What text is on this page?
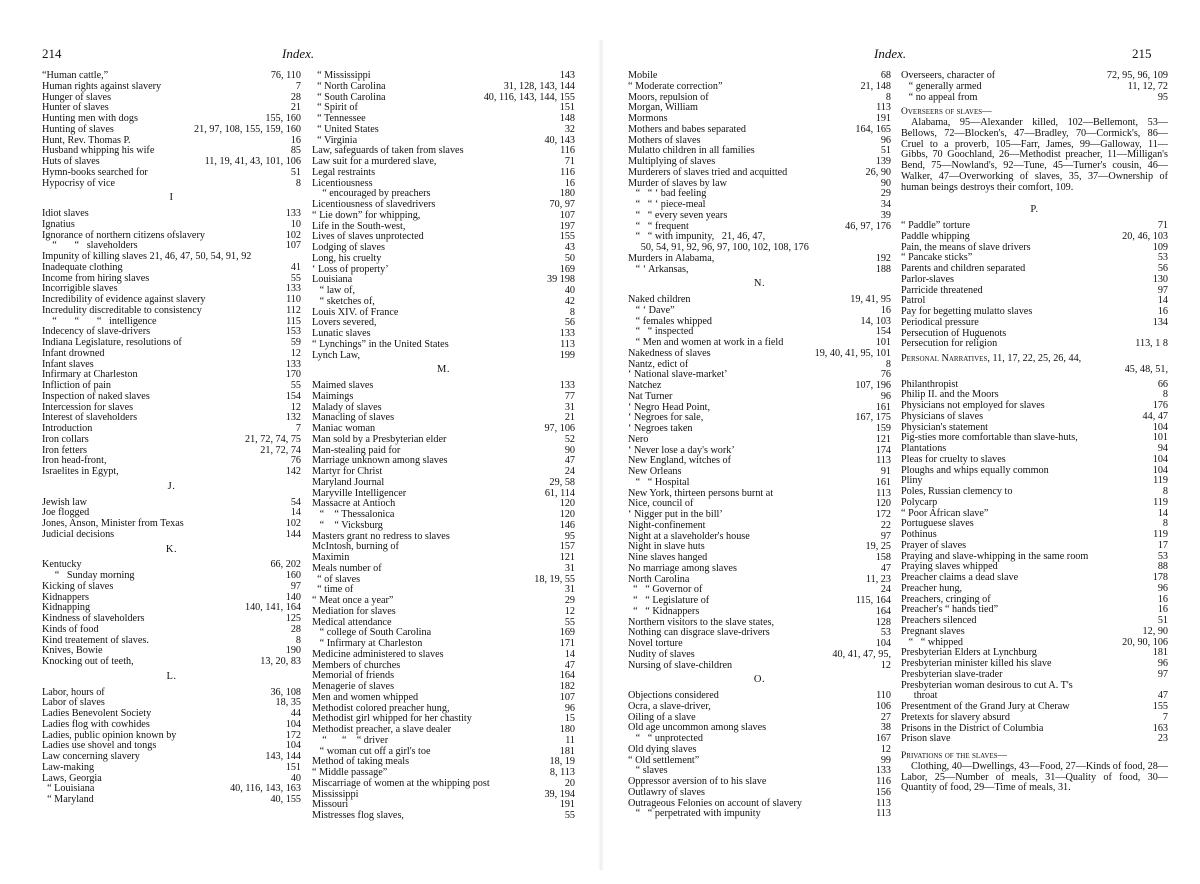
214	Index.
“Human cattle,”	76, 110
Human rights against slavery	7
Hunger of slaves	28
Hunter of slaves	21
Hunting men with dogs	155, 160
Hunting of slaves	21, 97, 108, 155, 159, 160
Hunt, Rev. Thomas P.	16
Husband whipping his wife	85
Huts of slaves	11, 19, 41, 43, 101, 106
Hymn-books searched for	51
Hypocrisy of vice	8
I
Idiot slaves	133
Ignatius	10
Ignorance of northern citizens ofslavery	102
“       “   slaveholders	107
Impunity of killing slaves 21, 46, 47, 50, 54, 91, 92
Inadequate clothing	41
Income from hiring slaves	55
Incorrigible slaves	133
Incredibility of evidence against slavery	110
Incredulity discreditable to consistency	112
“       “       “   intelligence	115
Indecency of slave-drivers	153
Indiana Legislature, resolutions of	59
Infant drowned	12
Infant slaves	133
Infirmary at Charleston	170
Infliction of pain	55
Inspection of naked slaves	154
Intercession for slaves	12
Interest of slaveholders	132
Introduction	7
Iron collars	21, 72, 74, 75
Iron fetters	21, 72, 74
Iron head-front,	76
Israelites in Egypt,	142
J.
Jewish law	54
Joe flogged	14
Jones, Anson, Minister from Texas	102
Judicial decisions	144
K.
Kentucky	66, 202
“   Sunday morning	160
Kicking of slaves	97
Kidnappers	140
Kidnapping	140, 141, 164
Kindness of slaveholders	125
Kinds of food	28
Kind treatement of slaves.	8
Knives, Bowie	190
Knocking out of teeth,	13, 20, 83
L.
Labor, hours of	36, 108
Labor of slaves	18, 35
Ladies Benevolent Society	44
Ladies flog with cowhides	104
Ladies, public opinion known by	172
Ladies use shovel and tongs	104
Law concerning slavery	143, 144
Law-making	151
Laws, Georgia	40
“ Louisiana	40, 116, 143, 163
“ Maryland	40, 155
“ Mississippi	143
“ North Carolina	31, 128, 143, 144
“ South Carolina	40, 116, 143, 144, 155
“ Spirit of	151
“ Tennessee	148
“ United States	32
“ Virginia	40, 143
Law, safeguards of taken from slaves	116
Law suit for a murdered slave,	71
Legal restraints	116
Licentiousness	16
“ encouraged by preachers	180
Licentiousness of slavedrivers	70, 97
“ Lie down” for whipping,	107
Life in the South-west,	197
Lives of slaves unprotected	155
Lodging of slaves	43
Long, his cruelty	50
‘ Loss of property’	169
Louisiana	39 198
“ law of,	40
“ sketches of,	42
Louis XIV. of France	8
Lovers severed,	56
Lunatic slaves	133
“ Lynchings” in the United States	113
Lynch Law,	199
M.
Maimed slaves	133
Maimings	77
Malady of slaves	31
Manacling of slaves	21
Maniac woman	97, 106
Man sold by a Presbyterian elder	52
Man-stealing paid for	90
Marriage unknown among slaves	47
Martyr for Christ	24
Maryland Journal	29, 58
Maryville Intelligencer	61, 114
Massacre at Antioch	120
“    “ Thessalonica	120
“    “ Vicksburg	146
Masters grant no redress to slaves	95
McIntosh, burning of	157
Maximin	121
Meals number of	31
“ of slaves	18, 19, 55
“ time of	31
“ Meat once a year”	29
Mediation for slaves	12
Medical attendance	55
“ college of South Carolina	169
“ Infirmary at Charleston	171
Medicine administered to slaves	14
Members of churches	47
Memorial of friends	164
Menagerie of slaves	182
Men and women whipped	107
Methodist colored preacher hung,	96
Methodist girl whipped for her chastity	15
Methodist preacher, a slave dealer	180
“      “    “ driver	11
“ woman cut off a girl's toe	181
Method of taking meals	18, 19
“ Middle passage”	8, 113
Miscarriage of women at the whipping post	20
Mississippi	39, 194
Missouri	191
Mistresses flog slaves,	55
Index.	215
Mobile	68
“ Moderate correction”	21, 148
Moors, repulsion of	8
Morgan, William	113
Mormons	191
Mothers and babes separated	164, 165
Mothers of slaves	96
Mulatto children in all families	51
Multiplying of slaves	139
Murderers of slaves tried and acquitted	26, 90
Murder of slaves by law	90
“   “ ‘ bad feeling	29
“   “ ‘ piece-meal	34
“   “ every seven years	39
“   “ frequent	46, 97, 176
“   “ with impunity,   21, 46, 47,
50, 54, 91, 92, 96, 97, 100, 102, 108, 176
Murders in Alabama,	192
“ ‘ Arkansas,	188
N.
Naked children	19, 41, 95
“ ‘ Dave”	16
“ females whipped	14, 103
“   “ inspected	154
“ Men and women at work in a field	101
Nakedness of slaves	19, 40, 41, 95, 101
Nantz, edict of	8
‘ National slave-market’	76
Natchez	107, 196
Nat Turner	96
‘ Negro Head Point,	161
‘ Negroes for sale,	167, 175
‘ Negroes taken	159
Nero	121
‘ Never lose a day's work’	174
New England, witches of	113
New Orleans	91
“   “ Hospital	161
New York, thirteen persons burnt at	113
Nice, council of	120
‘ Nigger put in the bill’	172
Night-confinement	22
Night at a slaveholder's house	97
Night in slave huts	19, 25
Nine slaves hanged	158
No marriage among slaves	47
North Carolina	11, 23
“   “ Governor of	24
“   “ Legislature of	115, 164
“   “ Kidnappers	164
Northern visitors to the slave states,	128
Nothing can disgrace slave-drivers	53
Novel torture	104
Nudity of slaves	40, 41, 47, 95,
Nursing of slave-children	12
O.
Objections considered	110
Ocra, a slave-driver,	106
Oiling of a slave	27
Old age uncommon among slaves	38
“   “ unprotected	167
Old dying slaves	12
“ Old settlement”	99
“ slaves	133
Oppressor aversion of to his slave	116
Outlawry of slaves	156
Outrageous Felonies on account of slavery	113
“   “ perpetrated with impunity	113
Overseers, character of	72, 95, 96, 109
“ generally armed	11, 12, 72
“ no appeal from	95
Overseers of slaves—
Alabama, 95—Alexander killed, 102—Bellemont, 53—Bellows, 72—Blocken's, 47—Bradley, 70—Cormick's, 86—Cruel to a proverb, 105—Farr, James, 99—Galloway, 11—Gibbs, 70 Goochland, 26—Methodist preacher, 11—Milligan's Bend, 75—Nowland's, 92—Tune, 45—Turner's cousin, 46—Walker, 47—Overworking of slaves, 35, 37—Ownership of human beings destroys their comfort, 109.
P.
“ Paddle” torture	71
Paddle whipping	20, 46, 103
Pain, the means of slave drivers	109
“ Pancake sticks”	53
Parents and children separated	56
Parlor-slaves	130
Parricide threatened	97
Patrol	14
Pay for begetting mulatto slaves	16
Periodical pressure	134
Persecution of Huguenots
Persecution for religion	113, 1 8
Personal Narratives, 11, 17, 22, 25, 26, 44,
45, 48, 51,
Philanthropist	66
Philip II. and the Moors	8
Physicians not employed for slaves	176
Physicians of slaves	44, 47
Physician's statement	104
Pig-sties more comfortable than slave-huts,	101
Plantations	94
Pleas for cruelty to slaves	104
Ploughs and whips equally common	104
Pliny	119
Poles, Russian clemency to	8
Polycarp	119
“ Poor African slave”	14
Portuguese slaves	8
Pothinus	119
Prayer of slaves	17
Praying and slave-whipping in the same room	53
Praying slaves whipped	88
Preacher claims a dead slave	178
Preacher hung,	96
Preachers, cringing of	16
Preacher's “ hands tied”	16
Preachers silenced	51
Pregnant slaves	12, 90
“   “ whipped	20, 90, 106
Presbyterian Elders at Lynchburg	181
Presbyterian minister killed his slave	96
Presbyterian slave-trader	97
Presbyterian woman desirous to cut A. T's
throat	47
Presentment of the Grand Jury at Cheraw	155
Pretexts for slavery absurd	7
Prisons in the District of Columbia	163
Prison slave	23
Privations of the slaves—
Clothing, 40—Dwellings, 43—Food, 27—Kinds of food, 28—Labor, 25—Number of meals, 31—Quality of food, 30—Quantity of food, 29—Time of meals, 31.
